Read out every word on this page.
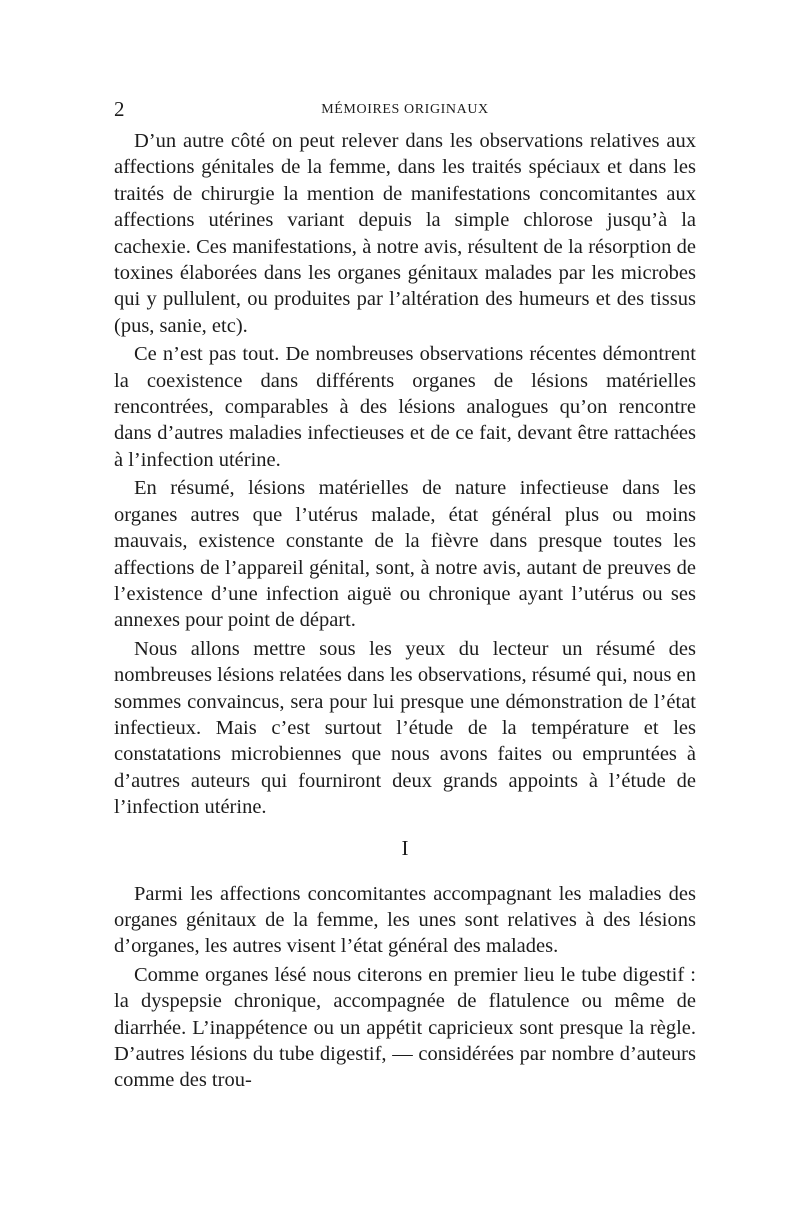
2	MÉMOIRES ORIGINAUX

D’un autre côté on peut relever dans les observations relatives aux affections génitales de la femme, dans les traités spéciaux et dans les traités de chirurgie la mention de manifestations concomitantes aux affections utérines variant depuis la simple chlorose jusqu’à la cachexie. Ces manifestations, à notre avis, résultent de la résorption de toxines élaborées dans les organes génitaux malades par les microbes qui y pullulent, ou produites par l’altération des humeurs et des tissus (pus, sanie, etc).

Ce n’est pas tout. De nombreuses observations récentes démontrent la coexistence dans différents organes de lésions matérielles rencontrées, comparables à des lésions analogues qu’on rencontre dans d’autres maladies infectieuses et de ce fait, devant être rattachées à l’infection utérine.

En résumé, lésions matérielles de nature infectieuse dans les organes autres que l’utérus malade, état général plus ou moins mauvais, existence constante de la fièvre dans presque toutes les affections de l’appareil génital, sont, à notre avis, autant de preuves de l’existence d’une infection aiguë ou chronique ayant l’utérus ou ses annexes pour point de départ.

Nous allons mettre sous les yeux du lecteur un résumé des nombreuses lésions relatées dans les observations, résumé qui, nous en sommes convaincus, sera pour lui presque une démonstration de l’état infectieux. Mais c’est surtout l’étude de la température et les constatations microbiennes que nous avons faites ou empruntées à d’autres auteurs qui fourniront deux grands appoints à l’étude de l’infection utérine.

I

Parmi les affections concomitantes accompagnant les maladies des organes génitaux de la femme, les unes sont relatives à des lésions d’organes, les autres visent l’état général des malades.

Comme organes lésé nous citerons en premier lieu le tube digestif : la dyspepsie chronique, accompagnée de flatulence ou même de diarrhée. L’inappétence ou un appétit capricieux sont presque la règle. D’autres lésions du tube digestif, — considérées par nombre d’auteurs comme des trou-
